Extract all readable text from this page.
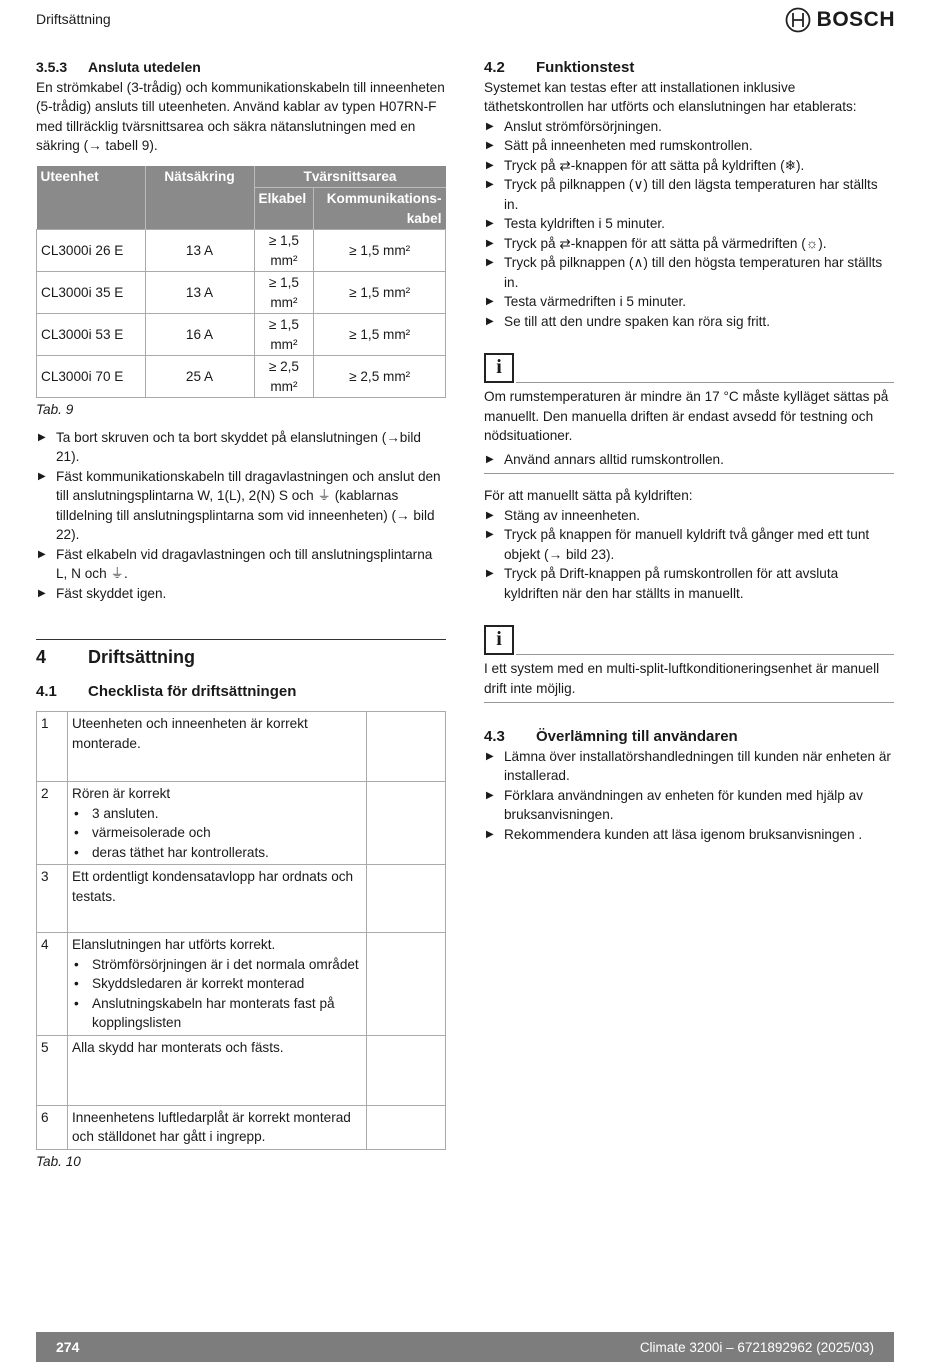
Driftsättning	BOSCH
3.5.3 Ansluta utedelen

En strömkabel (3-trådig) och kommunikationskabeln till inneenheten (5-trådig) ansluts till uteenheten. Använd kablar av typen H07RN-F med tillräcklig tvärsnittsarea och säkra nätanslutningen med en säkring (→ tabell 9).

Uteenhet	Nätsäkring	Tvärsnittsarea	
		Elkabel	Kommunikations-kabel
CL3000i 26 E	13 A	≥ 1,5 mm²	≥ 1,5 mm²
CL3000i 35 E	13 A	≥ 1,5 mm²	≥ 1,5 mm²
CL3000i 53 E	16 A	≥ 1,5 mm²	≥ 1,5 mm²
CL3000i 70 E	25 A	≥ 2,5 mm²	≥ 2,5 mm²
Tab. 9
▶ Ta bort skruven och ta bort skyddet på elanslutningen (→bild 21).
▶ Fäst kommunikationskabeln till dragavlastningen och anslut den till anslutningsplintarna W, 1(L), 2(N) S och ⏚ (kablarnas tilldelning till anslutningsplintarna som vid inneenheten) (→ bild 22).
▶ Fäst elkabeln vid dragavlastningen och till anslutningsplintarna L, N och ⏚.
▶ Fäst skyddet igen.
4 Driftsättning
4.1 Checklista för driftsättningen
1	Uteenheten och inneenheten är korrekt monterade.	
2	Rören är korrekt
• 3 ansluten.
• värmeisolerade och
• deras täthet har kontrollerats.

3	Ett ordentligt kondensatavlopp har ordnats och testats.	
4	Elanslutningen har utförts korrekt.
• Strömförsörjningen är i det normala området
• Skyddsledaren är korrekt monterad
• Anslutningskabeln har monterats fast på kopplingslisten

5	Alla skydd har monterats och fästs.	
6	Inneenhetens luftledarplåt är korrekt monterad och ställdonet har gått i ingrepp.	
Tab. 10
4.2 Funktionstest

Systemet kan testas efter att installationen inklusive täthetskontrollen har utförts och elanslutningen har etablerats:

▶ Anslut strömförsörjningen.
▶ Sätt på inneenheten med rumskontrollen.
▶ Tryck på ⇄-knappen för att sätta på kyldriften (❄).
▶ Tryck på pilknappen (∨) till den lägsta temperaturen har ställts in.
▶ Testa kyldriften i 5 minuter.
▶ Tryck på ⇄-knappen för att sätta på värmedriften (☼).
▶ Tryck på pilknappen (∧) till den högsta temperaturen har ställts in.
▶ Testa värmedriften i 5 minuter.
▶ Se till att den undre spaken kan röra sig fritt.
i

Om rumstemperaturen är mindre än 17 °C måste kylläget sättas på manuellt. Den manuella driften är endast avsedd för testning och nödsituationer.

▶ Använd annars alltid rumskontrollen.

För att manuellt sätta på kyldriften:

▶ Stäng av inneenheten.
▶ Tryck på knappen för manuell kyldrift två gånger med ett tunt objekt (→ bild 23).
▶ Tryck på Drift-knappen på rumskontrollen för att avsluta kyldriften när den har ställts in manuellt.
i

I ett system med en multi-split-luftkonditioneringsenhet är manuell drift inte möjlig.

4.3 Överlämning till användaren
▶ Lämna över installatörshandledningen till kunden när enheten är installerad.
▶ Förklara användningen av enheten för kunden med hjälp av bruksanvisningen.
▶ Rekommendera kunden att läsa igenom bruksanvisningen .
274	Climate 3200i – 6721892962 (2025/03)
